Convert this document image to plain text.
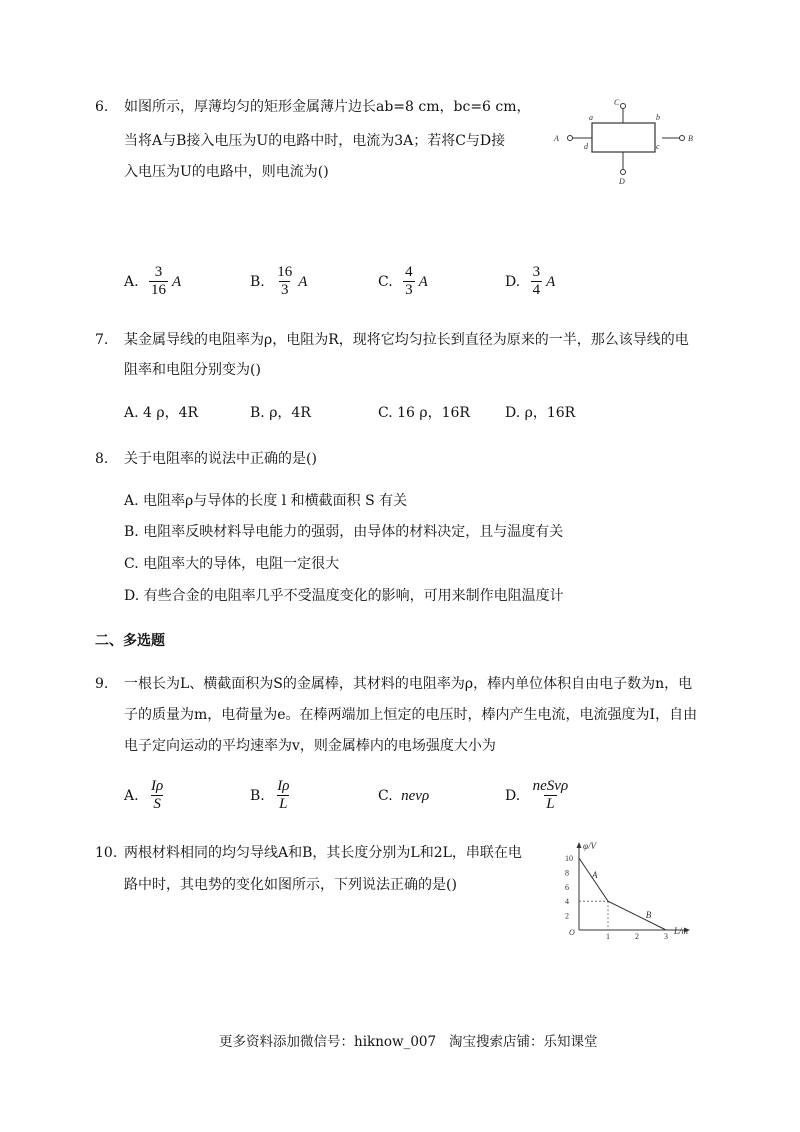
6. 如图所示，厚薄均匀的矩形金属薄片边长ab=8 cm，bc=6 cm，
当将A与B接入电压为U的电路中时，电流为3A；若将C与D接
入电压为U的电路中，则电流为()
C
a	b
A	B
d	c
D
A. $\frac{3}{16}$ A	B. $\frac{16}{3}$ A	C. $\frac{4}{3}$ A	D. $\frac{3}{4}$ A
7. 某金属导线的电阻率为ρ，电阻为R，现将它均匀拉长到直径为原来的一半，那么该导线的电
阻率和电阻分别变为()
A. 4 ρ，4R	B. ρ，4R	C. 16 ρ，16R	D. ρ，16R
8. 关于电阻率的说法中正确的是()
A. 电阻率ρ与导体的长度 l 和横截面积 S 有关
B. 电阻率反映材料导电能力的强弱，由导体的材料决定，且与温度有关
C. 电阻率大的导体，电阻一定很大
D. 有些合金的电阻率几乎不受温度变化的影响，可用来制作电阻温度计
二、多选题
9. 一根长为L、横截面积为S的金属棒，其材料的电阻率为ρ，棒内单位体积自由电子数为n，电
子的质量为m，电荷量为e。在棒两端加上恒定的电压时，棒内产生电流，电流强度为I，自由
电子定向运动的平均速率为v，则金属棒内的电场强度大小为
A. $\frac{I\rho}{S}$	B. $\frac{I\rho}{L}$	C. nevρ	D. $\frac{\text{neSvρ}}{L}$
10. 两根材料相同的均匀导线A和B，其长度分别为L和2L，串联在电
路中时，其电势的变化如图所示，下列说法正确的是()
φ/V
L/m
O
10
8
6
4
2
1	2	3
A
B
更多资料添加微信号：hiknow_007   淘宝搜索店铺：乐知课堂
